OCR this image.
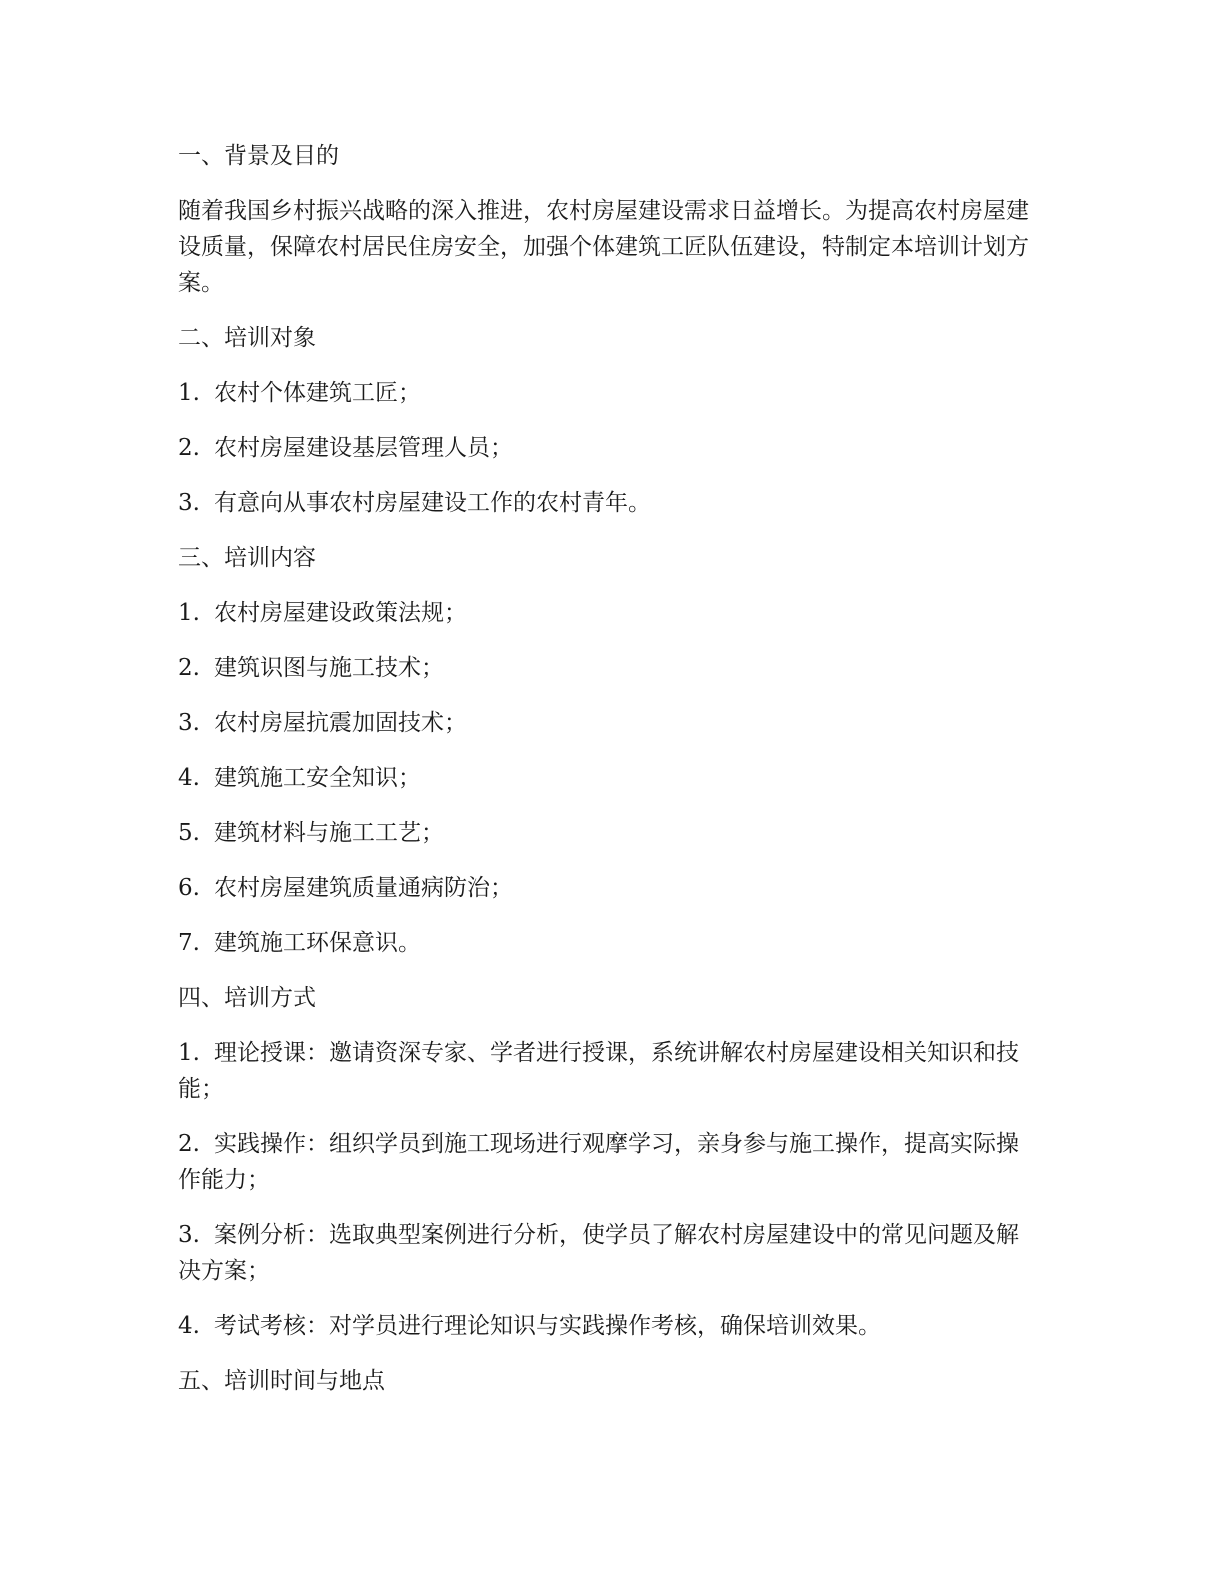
一、背景及目的

随着我国乡村振兴战略的深入推进，农村房屋建设需求日益增长。为提高农村房屋建设质量，保障农村居民住房安全，加强个体建筑工匠队伍建设，特制定本培训计划方案。

二、培训对象

1. 农村个体建筑工匠；

2. 农村房屋建设基层管理人员；

3. 有意向从事农村房屋建设工作的农村青年。

三、培训内容

1. 农村房屋建设政策法规；

2. 建筑识图与施工技术；

3. 农村房屋抗震加固技术；

4. 建筑施工安全知识；

5. 建筑材料与施工工艺；

6. 农村房屋建筑质量通病防治；

7. 建筑施工环保意识。

四、培训方式

1. 理论授课：邀请资深专家、学者进行授课，系统讲解农村房屋建设相关知识和技能；

2. 实践操作：组织学员到施工现场进行观摩学习，亲身参与施工操作，提高实际操作能力；

3. 案例分析：选取典型案例进行分析，使学员了解农村房屋建设中的常见问题及解决方案；

4. 考试考核：对学员进行理论知识与实践操作考核，确保培训效果。

五、培训时间与地点
